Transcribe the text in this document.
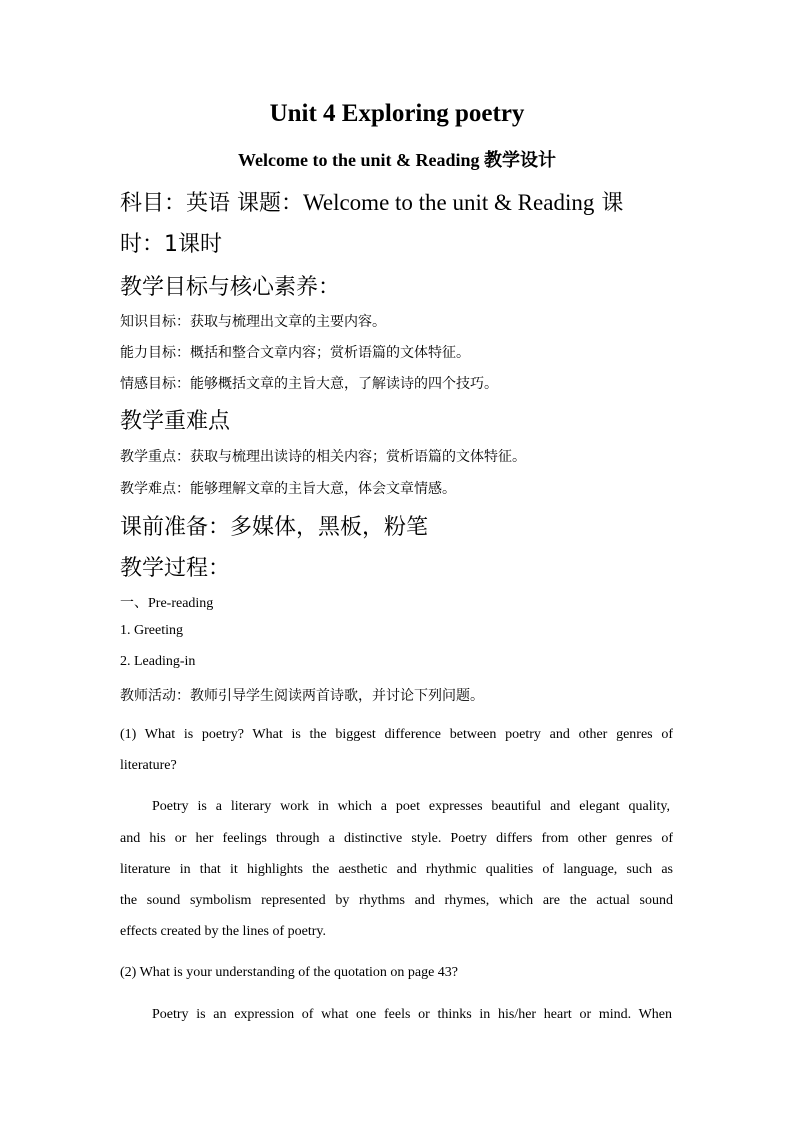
Unit 4 Exploring poetry
Welcome to the unit & Reading 教学设计
科目：英语 课题：Welcome to the unit & Reading 课
时：1课时
教学目标与核心素养：
知识目标：获取与梳理出文章的主要内容。
能力目标：概括和整合文章内容；赏析语篇的文体特征。
情感目标：能够概括文章的主旨大意，了解读诗的四个技巧。
教学重难点
教学重点：获取与梳理出读诗的相关内容；赏析语篇的文体特征。
教学难点：能够理解文章的主旨大意，体会文章情感。
课前准备：多媒体，黑板，粉笔
教学过程：
一、Pre-reading
1. Greeting
2. Leading-in
教师活动：教师引导学生阅读两首诗歌，并讨论下列问题。
(1) What is poetry? What is the biggest difference between poetry and other genres of
literature?
Poetry is a literary work in which a poet expresses beautiful and elegant quality,
and his or her feelings through a distinctive style. Poetry differs from other genres of
literature in that it highlights the aesthetic and rhythmic qualities of language, such as
the sound symbolism represented by rhythms and rhymes, which are the actual sound
effects created by the lines of poetry.
(2) What is your understanding of the quotation on page 43?
Poetry is an expression of what one feels or thinks in his/her heart or mind. When
